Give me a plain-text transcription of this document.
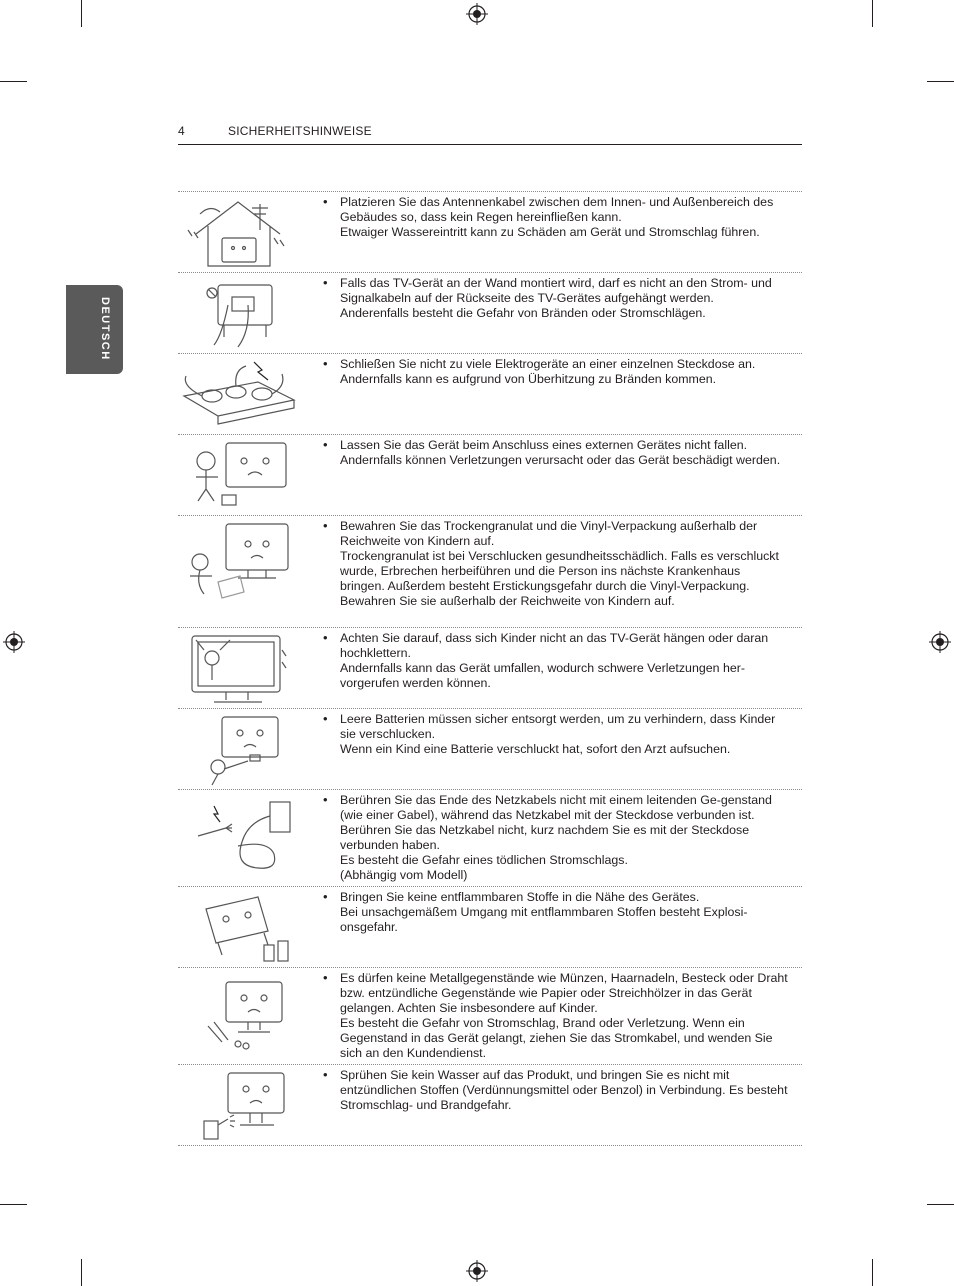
4	SICHERHEITSHINWEISE
DEUTSCH
• Platzieren Sie das Antennenkabel zwischen dem Innen- und Außenbereich des Gebäudes so, dass kein Regen hereinfließen kann.

Etwaiger Wassereintritt kann zu Schäden am Gerät und Stromschlag führen.

• Falls das TV-Gerät an der Wand montiert wird, darf es nicht an den Strom- und Signalkabeln auf der Rückseite des TV-Gerätes aufgehängt werden.

Anderenfalls besteht die Gefahr von Bränden oder Stromschlägen.

• Schließen Sie nicht zu viele Elektrogeräte an einer einzelnen Steckdose an.

Andernfalls kann es aufgrund von Überhitzung zu Bränden kommen.

• Lassen Sie das Gerät beim Anschluss eines externen Gerätes nicht fallen.

Andernfalls können Verletzungen verursacht oder das Gerät beschädigt werden.

• Bewahren Sie das Trockengranulat und die Vinyl-Verpackung außerhalb der Reichweite von Kindern auf.

Trockengranulat ist bei Verschlucken gesundheitsschädlich. Falls es verschluckt wurde, Erbrechen herbeiführen und die Person ins nächste Krankenhaus bringen. Außerdem besteht Erstickungsgefahr durch die Vinyl-Verpackung. Bewahren Sie sie außerhalb der Reichweite von Kindern auf.

• Achten Sie darauf, dass sich Kinder nicht an das TV-Gerät hängen oder daran hochklettern.

Andernfalls kann das Gerät umfallen, wodurch schwere Verletzungen her-vorgerufen werden können.

• Leere Batterien müssen sicher entsorgt werden, um zu verhindern, dass Kinder sie verschlucken.

Wenn ein Kind eine Batterie verschluckt hat, sofort den Arzt aufsuchen.

• Berühren Sie das Ende des Netzkabels nicht mit einem leitenden Ge-genstand (wie einer Gabel), während das Netzkabel mit der Steckdose verbunden ist. Berühren Sie das Netzkabel nicht, kurz nachdem Sie es mit der Steckdose verbunden haben.

Es besteht die Gefahr eines tödlichen Stromschlags.

(Abhängig vom Modell)

• Bringen Sie keine entflammbaren Stoffe in die Nähe des Gerätes.

Bei unsachgemäßem Umgang mit entflammbaren Stoffen besteht Explosi-onsgefahr.

• Es dürfen keine Metallgegenstände wie Münzen, Haarnadeln, Besteck oder Draht bzw. entzündliche Gegenstände wie Papier oder Streichhölzer in das Gerät gelangen. Achten Sie insbesondere auf Kinder.

Es besteht die Gefahr von Stromschlag, Brand oder Verletzung. Wenn ein Gegenstand in das Gerät gelangt, ziehen Sie das Stromkabel, und wenden Sie sich an den Kundendienst.

• Sprühen Sie kein Wasser auf das Produkt, und bringen Sie es nicht mit entzündlichen Stoffen (Verdünnungsmittel oder Benzol) in Verbindung. Es besteht Stromschlag- und Brandgefahr.
